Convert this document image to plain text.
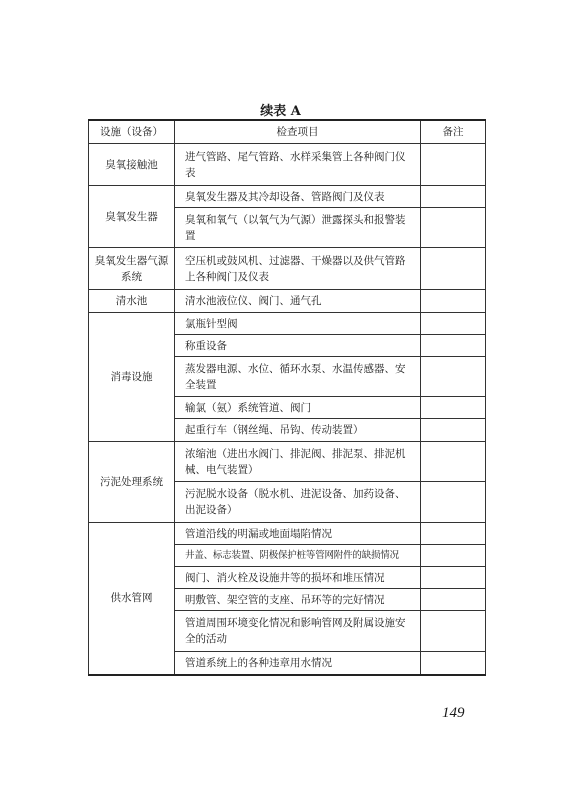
续表 A
设施（设备）	检查项目	备注
臭氧接触池	进气管路、尾气管路、水样采集管上各种阀门仪表	
臭氧发生器	臭氧发生器及其冷却设备、管路阀门及仪表	
	臭氧和氧气（以氧气为气源）泄露探头和报警装置	
臭氧发生器气源系统	空压机或鼓风机、过滤器、干燥器以及供气管路上各种阀门及仪表	
清水池	清水池液位仪、阀门、通气孔	
消毒设施	氯瓶针型阀	
	称重设备	
	蒸发器电源、水位、循环水泵、水温传感器、安全装置	
	输氯（氨）系统管道、阀门	
	起重行车（钢丝绳、吊钩、传动装置）	
污泥处理系统	浓缩池（进出水阀门、排泥阀、排泥泵、排泥机械、电气装置）	
	污泥脱水设备（脱水机、进泥设备、加药设备、出泥设备）	
供水管网	管道沿线的明漏或地面塌陷情况	
	井盖、标志装置、阴极保护桩等管网附件的缺损情况	
	阀门、消火栓及设施井等的损坏和堆压情况	
	明敷管、架空管的支座、吊环等的完好情况	
	管道周围环境变化情况和影响管网及附属设施安全的活动	
	管道系统上的各种违章用水情况	
149
